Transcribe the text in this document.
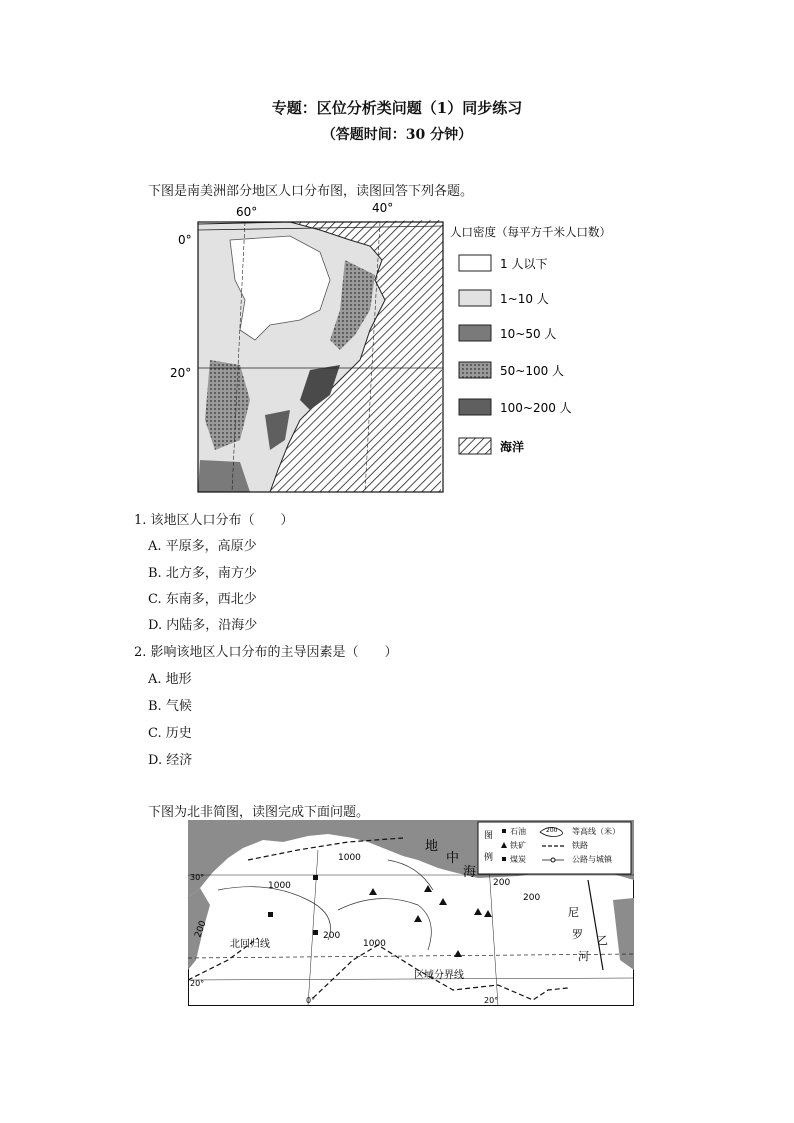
专题：区位分析类问题（1）同步练习
（答题时间：30 分钟）
下图是南美洲部分地区人口分布图，读图回答下列各题。
60°	40°
0°
20°
人口密度（每平方千米人口数）
1 人以下
1~10 人
10~50 人
50~100 人
100~200 人
海洋
1. 该地区人口分布（　　）
A. 平原多，高原少
B. 北方多，南方少
C. 东南多，西北少
D. 内陆多，沿海少
2. 影响该地区人口分布的主导因素是（　　）
A. 地形
B. 气候
C. 历史
D. 经济
下图为北非简图，读图完成下面问题。
地
中
海
尼
罗
河
乙
北回归线
区域分界线
1000
200
1000
200
200
200
1000
30°
20°
0°	20°
图
例
石油
铁矿
煤炭
200 等高线（米）
铁路
公路与城镇
